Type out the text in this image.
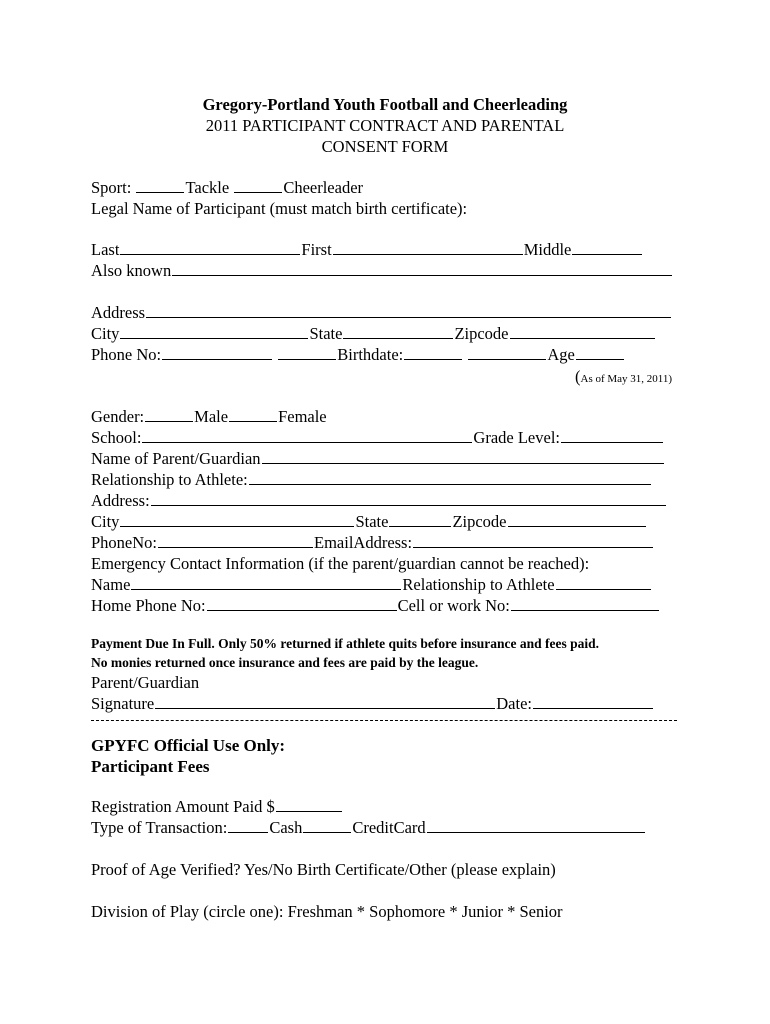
Gregory-Portland Youth Football and Cheerleading
2011 PARTICIPANT CONTRACT AND PARENTAL
CONSENT FORM
Sport:	Tackle	Cheerleader
Legal Name of Participant (must match birth certificate):
Last	First	Middle
Also known
Address
City	State	Zipcode
Phone No:	Birthdate:	Age
(As of May 31, 2011)
Gender:	Male	Female
School:	Grade Level:
Name of Parent/Guardian
Relationship to Athlete:
Address:
City	State	Zipcode
PhoneNo:	EmailAddress:
Emergency Contact Information (if the parent/guardian cannot be reached):
Name	Relationship to Athlete
Home Phone No:	Cell or work No:
Payment Due In Full. Only 50% returned if athlete quits before insurance and fees paid.
No monies returned once insurance and fees are paid by the league.
Parent/Guardian
Signature	Date:
GPYFC Official Use Only:
Participant Fees
Registration Amount Paid $
Type of Transaction:	Cash	CreditCard
Proof of Age Verified? Yes/No Birth Certificate/Other (please explain)
Division of Play (circle one): Freshman * Sophomore * Junior * Senior
